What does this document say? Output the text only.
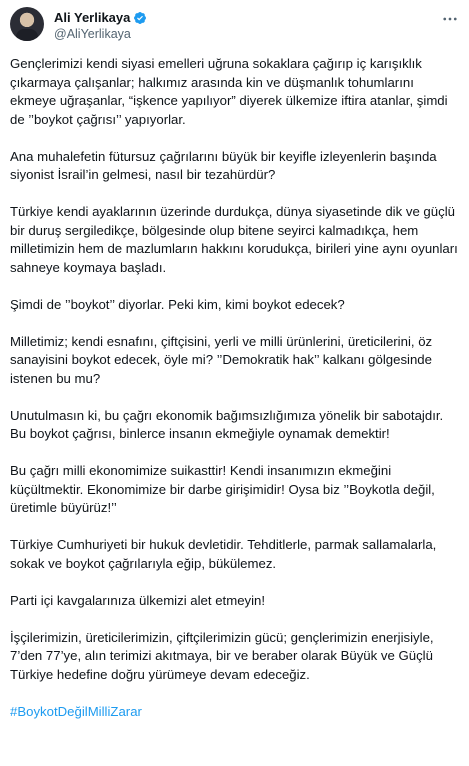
Ali Yerlikaya
@AliYerlikaya

Gençlerimizi kendi siyasi emelleri uğruna sokaklara çağırıp iç karışıklık çıkarmaya çalışanlar; halkımız arasında kin ve düşmanlık tohumlarını ekmeye uğraşanlar, “işkence yapılıyor” diyerek ülkemize iftira atanlar, şimdi de ’’boykot çağrısı’’ yapıyorlar.

Ana muhalefetin fütursuz çağrılarını büyük bir keyifle izleyenlerin başında siyonist İsrail’in gelmesi, nasıl bir tezahürdür?

Türkiye kendi ayaklarının üzerinde durdukça, dünya siyasetinde dik ve güçlü bir duruş sergiledikçe, bölgesinde olup bitene seyirci kalmadıkça, hem milletimizin hem de mazlumların hakkını korudukça, birileri yine aynı oyunları sahneye koymaya başladı.

Şimdi de ’’boykot’’ diyorlar. Peki kim, kimi boykot edecek?

Milletimiz; kendi esnafını, çiftçisini, yerli ve milli ürünlerini, üreticilerini, öz sanayisini boykot edecek, öyle mi? ’’Demokratik hak’’ kalkanı gölgesinde istenen bu mu?

Unutulmasın ki, bu çağrı ekonomik bağımsızlığımıza yönelik bir sabotajdır. Bu boykot çağrısı, binlerce insanın ekmeğiyle oynamak demektir!

Bu çağrı milli ekonomimize suikasttir! Kendi insanımızın ekmeğini küçültmektir. Ekonomimize bir darbe girişimidir! Oysa biz ’’Boykotla değil, üretimle büyürüz!’’

Türkiye Cumhuriyeti bir hukuk devletidir. Tehditlerle, parmak sallamalarla, sokak ve boykot çağrılarıyla eğip, bükülemez.

Parti içi kavgalarınıza ülkemizi alet etmeyin!

İşçilerimizin, üreticilerimizin, çiftçilerimizin gücü; gençlerimizin enerjisiyle, 7’den 77’ye, alın terimizi akıtmaya, bir ve beraber olarak Büyük ve Güçlü Türkiye hedefine doğru yürümeye devam edeceğiz.

#BoykotDeğilMilliZarar
